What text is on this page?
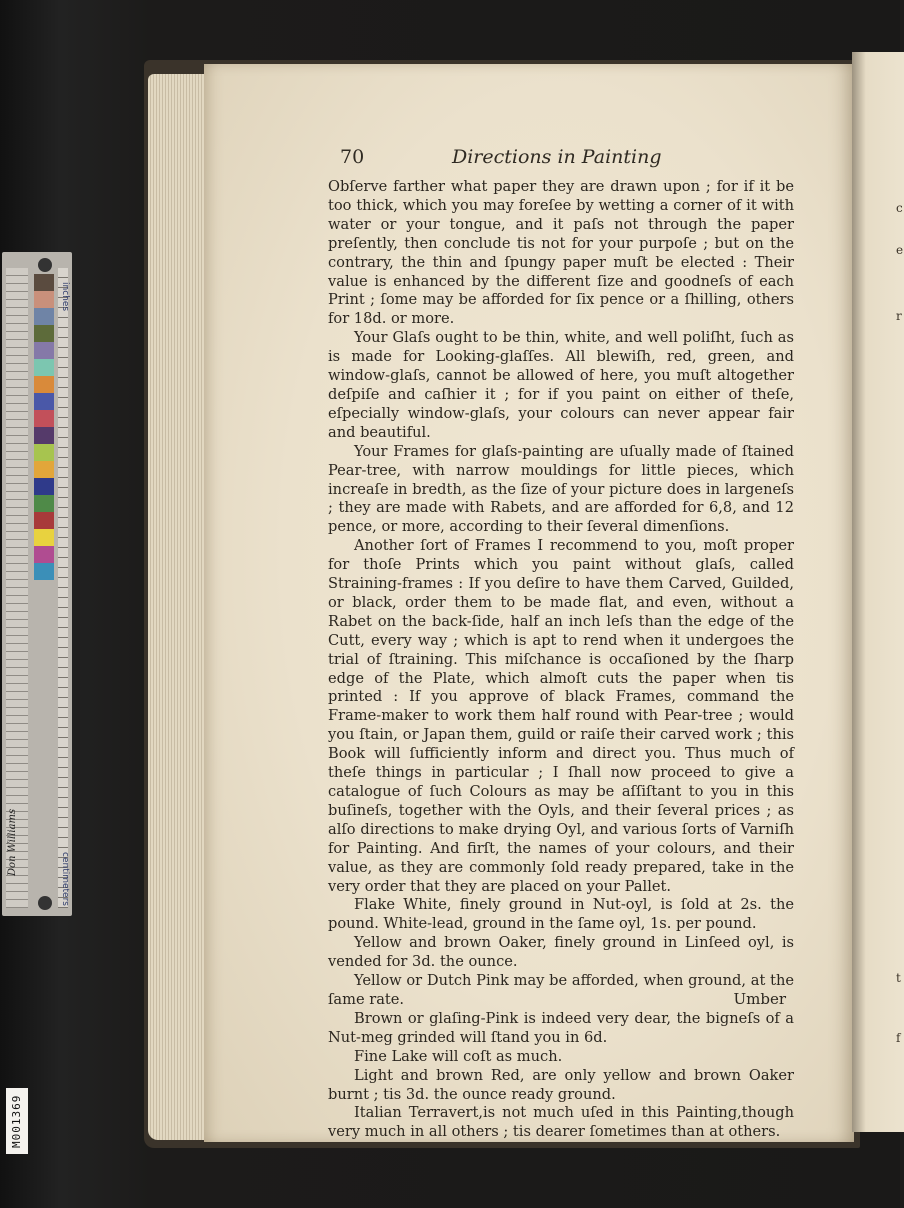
inches
centimeters
Don Williams
M001369
c
e
r
t
f
70	Directions in Painting

Obſerve farther what paper they are drawn upon ; for if it be too thick, which you may foreſee by wetting a corner of it with water or your tongue, and it paſs not through the paper preſently, then conclude tis not for your purpoſe ; but on the contrary, the thin and ſpungy paper muſt be elected : Their value is enhanced by the different ſize and goodneſs of each Print ; ſome may be afforded for ſix pence or a ſhilling, others for 18d. or more.

Your Glaſs ought to be thin, white, and well poliſht, ſuch as is made for Looking-glaſſes. All blewiſh, red, green, and window-glaſs, cannot be allowed of here, you muſt altogether deſpiſe and caſhier it ; for if you paint on either of theſe, eſpecially window-glaſs, your colours can never appear fair and beautiful.

Your Frames for glaſs-painting are uſually made of ſtained Pear-tree, with narrow mouldings for little pieces, which increaſe in bredth, as the ſize of your picture does in largeneſs ; they are made with Rabets, and are afforded for 6,8, and 12 pence, or more, according to their ſeveral dimenſions.

Another ſort of Frames I recommend to you, moſt proper for thoſe Prints which you paint without glaſs, called Straining-frames : If you deſire to have them Carved, Guilded, or black, order them to be made flat, and even, without a Rabet on the back-ſide, half an inch leſs than the edge of the Cutt, every way ; which is apt to rend when it undergoes the trial of ſtraining. This miſchance is occaſioned by the ſharp edge of the Plate, which almoſt cuts the paper when tis printed : If you approve of black Frames, command the Frame-maker to work them half round with Pear-tree ; would you ſtain, or Japan them, guild or raiſe their carved work ; this Book will ſufficiently inform and direct you. Thus much of theſe things in particular ; I ſhall now proceed to give a catalogue of ſuch Colours as may be aſſiſtant to you in this buſineſs, together with the Oyls, and their ſeveral prices ; as alſo directions to make drying Oyl, and various ſorts of Varniſh for Painting. And firſt, the names of your colours, and their value, as they are commonly ſold ready prepared, take in the very order that they are placed on your Pallet.

Flake White, finely ground in Nut-oyl, is ſold at 2s. the pound. White-lead, ground in the ſame oyl, 1s. per pound.

Yellow and brown Oaker, finely ground in Linſeed oyl, is vended for 3d. the ounce.

Yellow or Dutch Pink may be afforded, when ground, at the ſame rate.

Brown or glaſing-Pink is indeed very dear, the bigneſs of a Nut-meg grinded will ſtand you in 6d.

Fine Lake will coſt as much.

Light and brown Red, are only yellow and brown Oaker burnt ; tis 3d. the ounce ready ground.

Italian Terravert,is not much uſed in this Painting,though very much in all others ; tis dearer ſometimes than at others.

Umber
